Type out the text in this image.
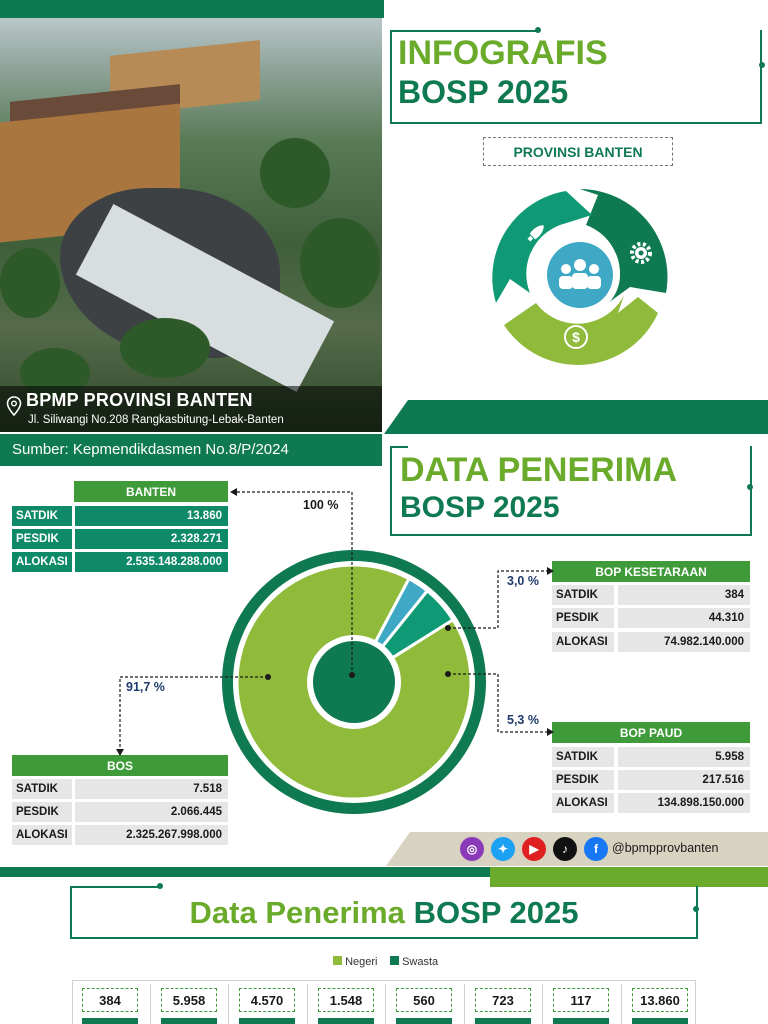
BPMP PROVINSI BANTEN
Jl. Siliwangi No.208 Rangkasbitung-Lebak-Banten
Sumber: Kepmendikdasmen No.8/P/2024
INFOGRAFIS
BOSP 2025
PROVINSI BANTEN
$
DATA PENERIMA
BOSP 2025
BANTEN
SATDIK	13.860
PESDIK	2.328.271
ALOKASI	2.535.148.288.000
BOS
SATDIK	7.518
PESDIK	2.066.445
ALOKASI	2.325.267.998.000
BOP KESETARAAN
SATDIK	384
PESDIK	44.310
ALOKASI	74.982.140.000
BOP PAUD
SATDIK	5.958
PESDIK	217.516
ALOKASI	134.898.150.000
100 %
91,7 %
3,0 %
5,3 %
◎	✦	▶	♪	f	@bpmpprovbanten
Data Penerima BOSP 2025
Negeri	Swasta
384	5.958	4.570	1.548	560	723	117	13.860
